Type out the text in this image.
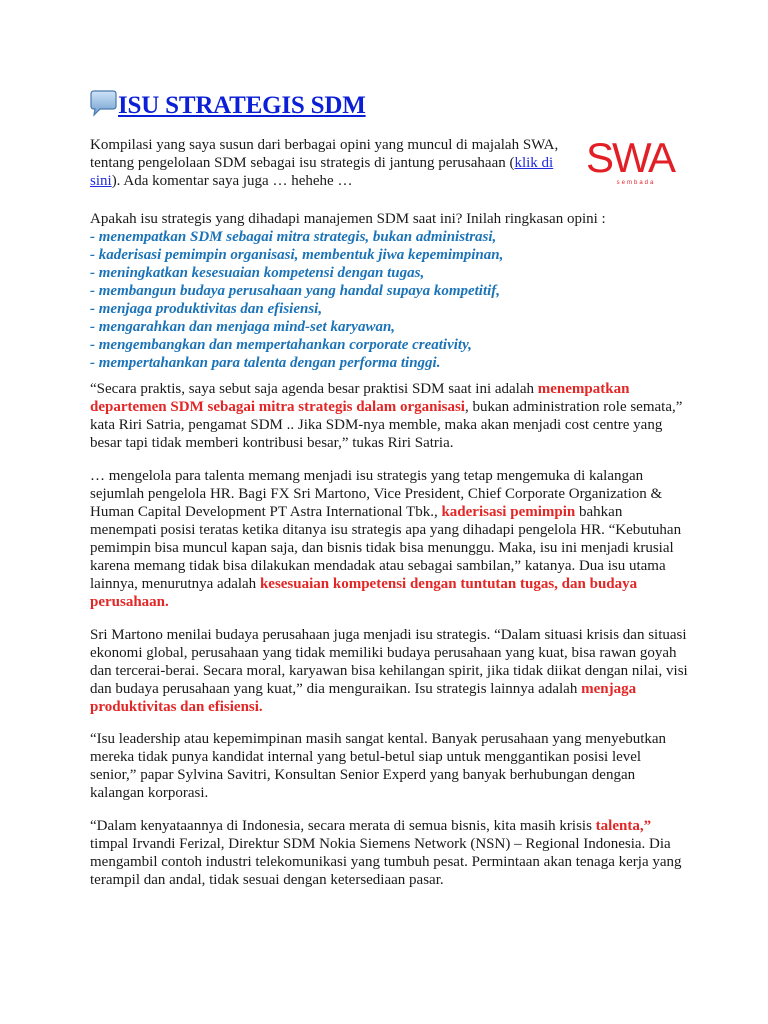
ISU STRATEGIS SDM

Kompilasi yang saya susun dari berbagai opini yang muncul di majalah SWA, tentang pengelolaan SDM sebagai isu strategis di jantung perusahaan (klik di sini). Ada komentar saya juga … hehehe …	SWA
sembada

Apakah isu strategis yang dihadapi manajemen SDM saat ini? Inilah ringkasan opini :

- menempatkan SDM sebagai mitra strategis, bukan administrasi,
- kaderisasi pemimpin organisasi, membentuk jiwa kepemimpinan,
- meningkatkan kesesuaian kompetensi dengan tugas,
- membangun budaya perusahaan yang handal supaya kompetitif,
- menjaga produktivitas dan efisiensi,
- mengarahkan dan menjaga mind-set karyawan,
- mengembangkan dan mempertahankan corporate creativity,
- mempertahankan para talenta dengan performa tinggi.

“Secara praktis, saya sebut saja agenda besar praktisi SDM saat ini adalah menempatkan departemen SDM sebagai mitra strategis dalam organisasi, bukan administration role semata,” kata Riri Satria, pengamat SDM .. Jika SDM-nya memble, maka akan menjadi cost centre yang besar tapi tidak memberi kontribusi besar,” tukas Riri Satria.

… mengelola para talenta memang menjadi isu strategis yang tetap mengemuka di kalangan sejumlah pengelola HR. Bagi FX Sri Martono, Vice President, Chief Corporate Organization & Human Capital Development PT Astra International Tbk., kaderisasi pemimpin bahkan menempati posisi teratas ketika ditanya isu strategis apa yang dihadapi pengelola HR. “Kebutuhan pemimpin bisa muncul kapan saja, dan bisnis tidak bisa menunggu. Maka, isu ini menjadi krusial karena memang tidak bisa dilakukan mendadak atau sebagai sambilan,” katanya. Dua isu utama lainnya, menurutnya adalah kesesuaian kompetensi dengan tuntutan tugas, dan budaya perusahaan.

Sri Martono menilai budaya perusahaan juga menjadi isu strategis. “Dalam situasi krisis dan situasi ekonomi global, perusahaan yang tidak memiliki budaya perusahaan yang kuat, bisa rawan goyah dan tercerai-berai. Secara moral, karyawan bisa kehilangan spirit, jika tidak diikat dengan nilai, visi dan budaya perusahaan yang kuat,” dia menguraikan. Isu strategis lainnya adalah menjaga produktivitas dan efisiensi.

“Isu leadership atau kepemimpinan masih sangat kental. Banyak perusahaan yang menyebutkan mereka tidak punya kandidat internal yang betul-betul siap untuk menggantikan posisi level senior,” papar Sylvina Savitri, Konsultan Senior Experd yang banyak berhubungan dengan kalangan korporasi.

“Dalam kenyataannya di Indonesia, secara merata di semua bisnis, kita masih krisis talenta,” timpal Irvandi Ferizal, Direktur SDM Nokia Siemens Network (NSN) – Regional Indonesia. Dia mengambil contoh industri telekomunikasi yang tumbuh pesat. Permintaan akan tenaga kerja yang terampil dan andal, tidak sesuai dengan ketersediaan pasar.
